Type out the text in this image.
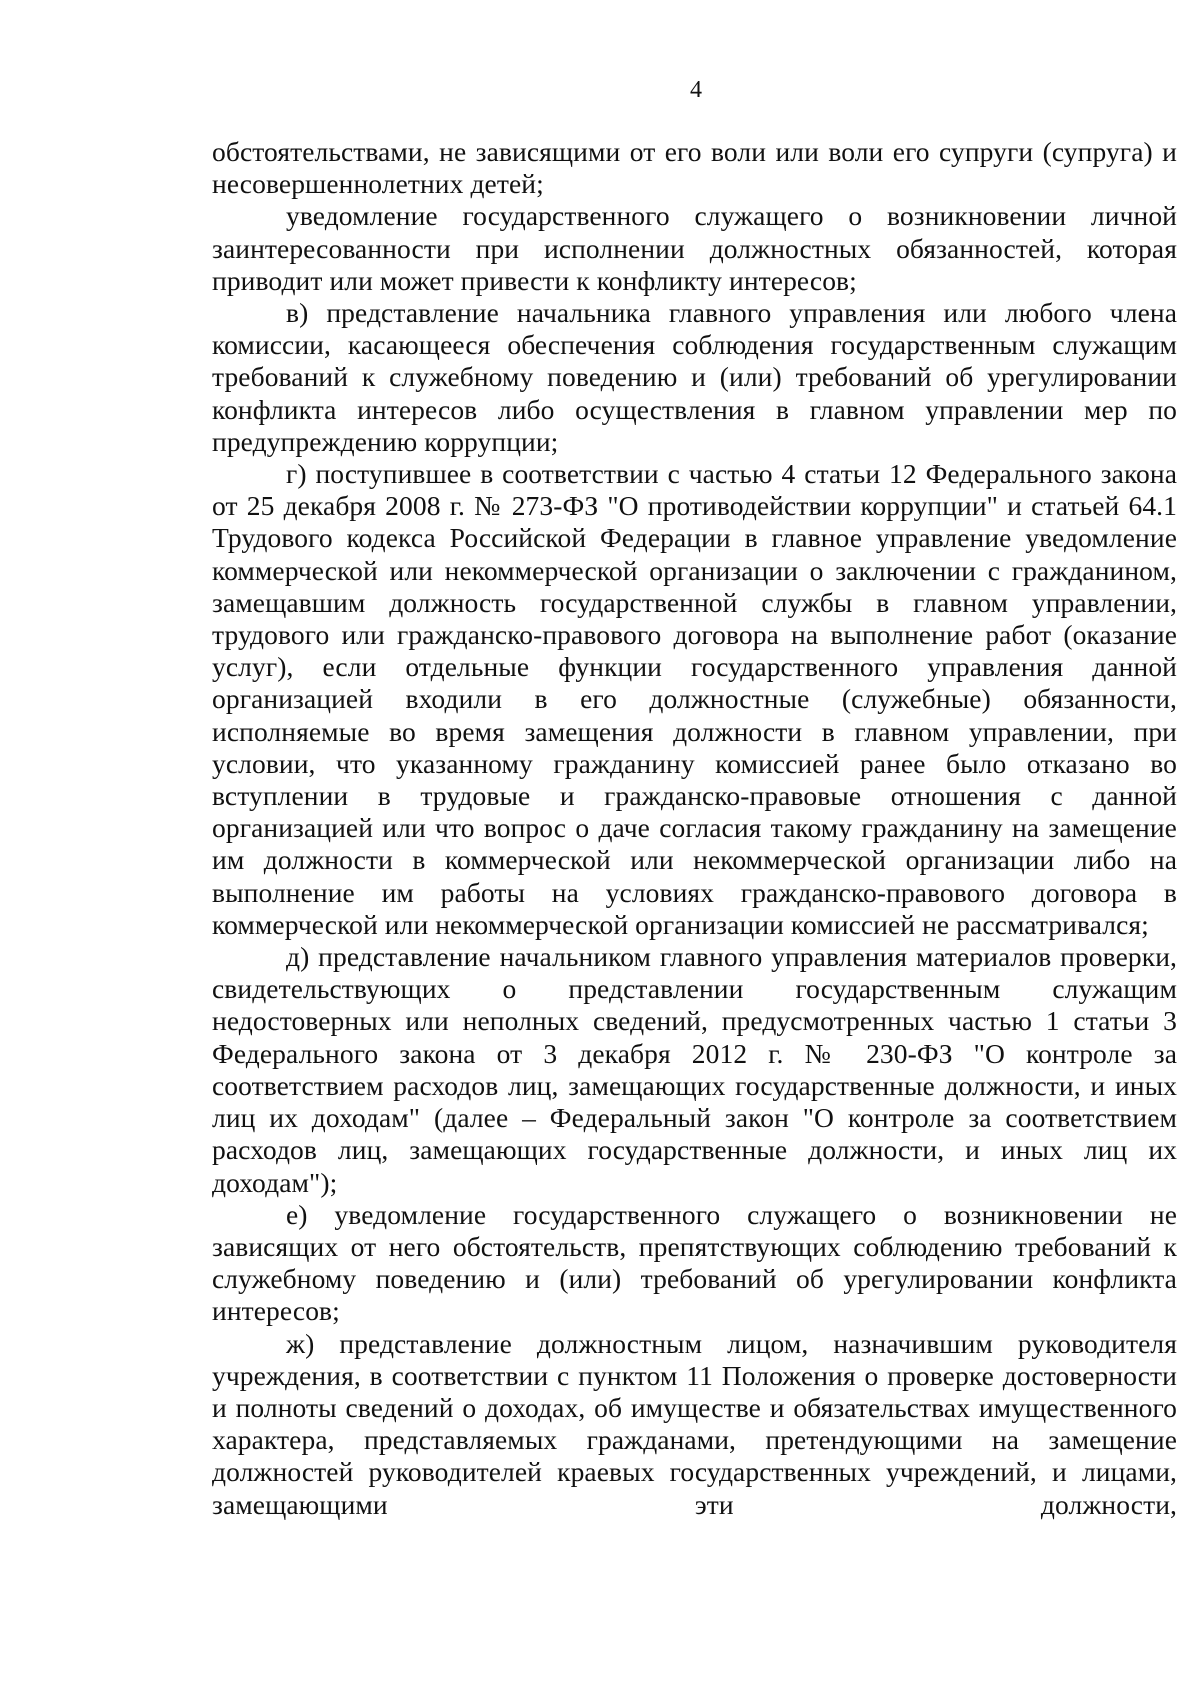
4

обстоятельствами, не зависящими от его воли или воли его супруги (супруга) и несовершеннолетних детей;

уведомление государственного служащего о возникновении личной заинтересованности при исполнении должностных обязанностей, которая приводит или может привести к конфликту интересов;

в) представление начальника главного управления или любого члена комиссии, касающееся обеспечения соблюдения государственным служащим требований к служебному поведению и (или) требований об урегулировании конфликта интересов либо осуществления в главном управлении мер по предупреждению коррупции;

г) поступившее в соответствии с частью 4 статьи 12 Федерального закона от 25 декабря 2008 г. № 273-ФЗ "О противодействии коррупции" и статьей 64.1 Трудового кодекса Российской Федерации в главное управление уведомление коммерческой или некоммерческой организации о заключении с гражданином, замещавшим должность государственной службы в главном управлении, трудового или гражданско-правового договора на выполнение работ (оказание услуг), если отдельные функции государственного управления данной организацией входили в его должностные (служебные) обязанности, исполняемые во время замещения должности в главном управлении, при условии, что указанному гражданину комиссией ранее было отказано во вступлении в трудовые и гражданско-правовые отношения с данной организацией или что вопрос о даче согласия такому гражданину на замещение им должности в коммерческой или некоммерческой организации либо на выполнение им работы на условиях гражданско-правового договора в коммерческой или некоммерческой организации комиссией не рассматривался;

д) представление начальником главного управления материалов проверки, свидетельствующих о представлении государственным служащим недостоверных или неполных сведений, предусмотренных частью 1 статьи 3 Федерального закона от 3 декабря 2012 г. № 230-ФЗ "О контроле за соответствием расходов лиц, замещающих государственные должности, и иных лиц их доходам" (далее – Федеральный закон "О контроле за соответствием расходов лиц, замещающих государственные должности, и иных лиц их доходам");

е) уведомление государственного служащего о возникновении не зависящих от него обстоятельств, препятствующих соблюдению требований к служебному поведению и (или) требований об урегулировании конфликта интересов;

ж) представление должностным лицом, назначившим руководителя учреждения, в соответствии с пунктом 11 Положения о проверке достоверности и полноты сведений о доходах, об имуществе и обязательствах имущественного характера, представляемых гражданами, претендующими на замещение должностей руководителей краевых государственных учреждений, и лицами, замещающими эти должности,
